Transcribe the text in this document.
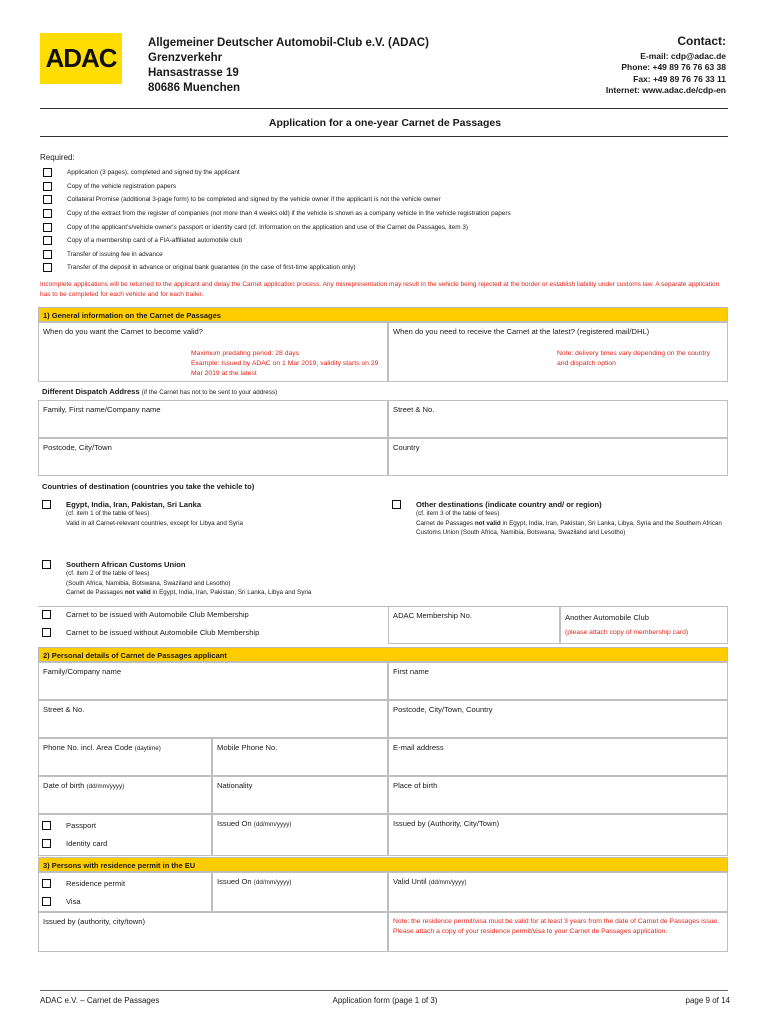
ADAC	Allgemeiner Deutscher Automobil-Club e.V. (ADAC)
Grenzverkehr
Hansastrasse 19
80686 Muenchen
Contact:
E-mail: cdp@adac.de
Phone: +49 89 76 76 63 38
Fax: +49 89 76 76 33 11
Internet: www.adac.de/cdp-en
Application for a one-year Carnet de Passages
Required:
Application (3 pages), completed and signed by the applicant
Copy of the vehicle registration papers
Collateral Promise (additional 3-page form) to be completed and signed by the vehicle owner if the applicant is not the vehicle owner
Copy of the extract from the register of companies (not more than 4 weeks old) if the vehicle is shown as a company vehicle in the vehicle registration papers
Copy of the applicant's/vehicle owner's passport or identity card (cf. Information on the application and use of the Carnet de Passages, item 3)
Copy of a membership card of a FIA-affiliated automobile club
Transfer of issuing fee in advance
Transfer of the deposit in advance or original bank guarantee (in the case of first-time application only)
Incomplete applications will be returned to the applicant and delay the Carnet application process. Any misrepresentation may result in the vehicle being rejected at the border or establish liability under customs law. A separate application has to be completed for each vehicle and for each trailer.
1) General information on the Carnet de Passages
When do you want the Carnet to become valid?
Maximum predating period: 28 days
Example: Issued by ADAC on 1 Mar 2019, validity starts on 29 Mar 2019 at the latest
When do you need to receive the Carnet at the latest? (registered mail/DHL)
Note: delivery times vary depending on the country and dispatch option
Different Dispatch Address (if the Carnet has not to be sent to your address)
Family, First name/Company name	Street & No.
Postcode, City/Town	Country
Countries of destination (countries you take the vehicle to)
Egypt, India, Iran, Pakistan, Sri Lanka
(cf. item 1 of the table of fees)
Valid in all Carnet-relevant countries, except for Libya and Syria
Other destinations (indicate country and/ or region)
(cf. item 3 of the table of fees)
Carnet de Passages not valid in Egypt, India, Iran, Pakistan, Sri Lanka, Libya, Syria and the Southern African Customs Union (South Africa, Namibia, Botswana, Swaziland and Lesotho)
Southern African Customs Union
(cf. item 2 of the table of fees)
(South Africa, Namibia, Botswana, Swaziland and Lesotho)
Carnet de Passages not valid in Egypt, India, Iran, Pakistan, Sri Lanka, Libya and Syria
Carnet to be issued with Automobile Club Membership
Carnet to be issued without Automobile Club Membership
ADAC Membership No.	Another Automobile Club
(please attach copy of membership card)
2) Personal details of Carnet de Passages applicant
Family/Company name	First name
Street & No.	Postcode, City/Town, Country
Phone No. incl. Area Code (daytime)	Mobile Phone No.	E-mail address
Date of birth (dd/mm/yyyy)	Nationality	Place of birth
Passport
Identity card
Issued On (dd/mm/yyyy)	Issued by (Authority, City/Town)
3) Persons with residence permit in the EU
Residence permit
Visa
Issued On (dd/mm/yyyy)	Valid Until (dd/mm/yyyy)
Issued by (authority, city/town)	Note: the residence permit/visa must be valid for at least 3 years from the date of Carnet de Passages issue. Please attach a copy of your residence permit/visa to your Carnet de Passages application.
ADAC e.V. – Carnet de Passages	Application form (page 1 of 3)	page 9 of 14
